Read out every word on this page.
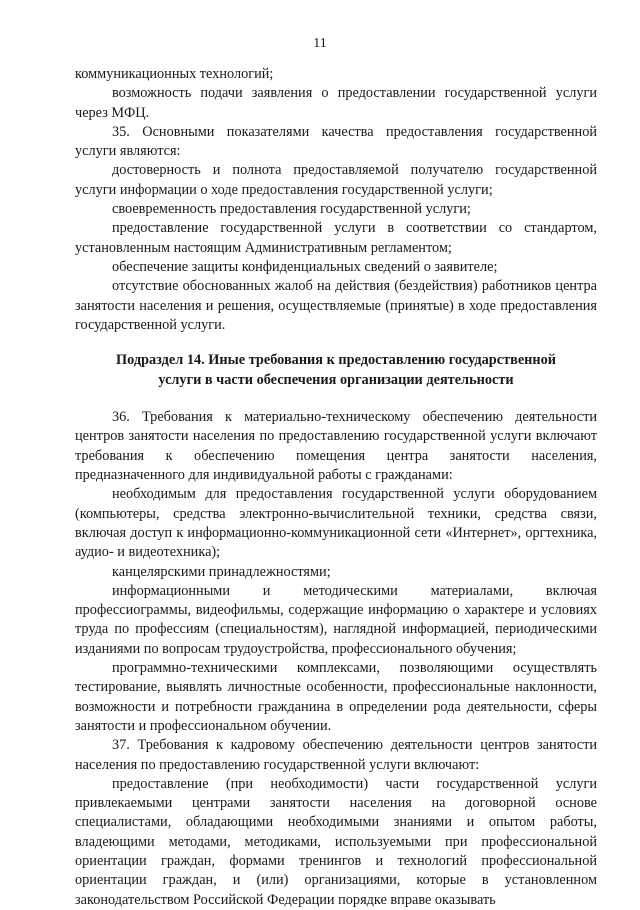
11

коммуникационных технологий;

возможность подачи заявления о предоставлении государственной услуги через МФЦ.

35. Основными показателями качества предоставления государственной услуги являются:

достоверность и полнота предоставляемой получателю государственной услуги информации о ходе предоставления государственной услуги;

своевременность предоставления государственной услуги;

предоставление государственной услуги в соответствии со стандартом, установленным настоящим Административным регламентом;

обеспечение защиты конфиденциальных сведений о заявителе;

отсутствие обоснованных жалоб на действия (бездействия) работников центра занятости населения и решения, осуществляемые (принятые) в ходе предоставления государственной услуги.

Подраздел 14. Иные требования к предоставлению государственной
услуги в части обеспечения организации деятельности

36. Требования к материально-техническому обеспечению деятельности центров занятости населения по предоставлению государственной услуги включают требования к обеспечению помещения центра занятости населения, предназначенного для индивидуальной работы с гражданами:

необходимым для предоставления государственной услуги оборудованием (компьютеры, средства электронно-вычислительной техники, средства связи, включая доступ к информационно-коммуникационной сети «Интернет», оргтехника, аудио- и видеотехника);

канцелярскими принадлежностями;

информационными и методическими материалами, включая профессиограммы, видеофильмы, содержащие информацию о характере и условиях труда по профессиям (специальностям), наглядной информацией, периодическими изданиями по вопросам трудоустройства, профессионального обучения;

программно-техническими комплексами, позволяющими осуществлять тестирование, выявлять личностные особенности, профессиональные наклонности, возможности и потребности гражданина в определении рода деятельности, сферы занятости и профессиональном обучении.

37. Требования к кадровому обеспечению деятельности центров занятости населения по предоставлению государственной услуги включают:

предоставление (при необходимости) части государственной услуги привлекаемыми центрами занятости населения на договорной основе специалистами, обладающими необходимыми знаниями и опытом работы, владеющими методами, методиками, используемыми при профессиональной ориентации граждан, формами тренингов и технологий профессиональной ориентации граждан, и (или) организациями, которые в установленном законодательством Российской Федерации порядке вправе оказывать
